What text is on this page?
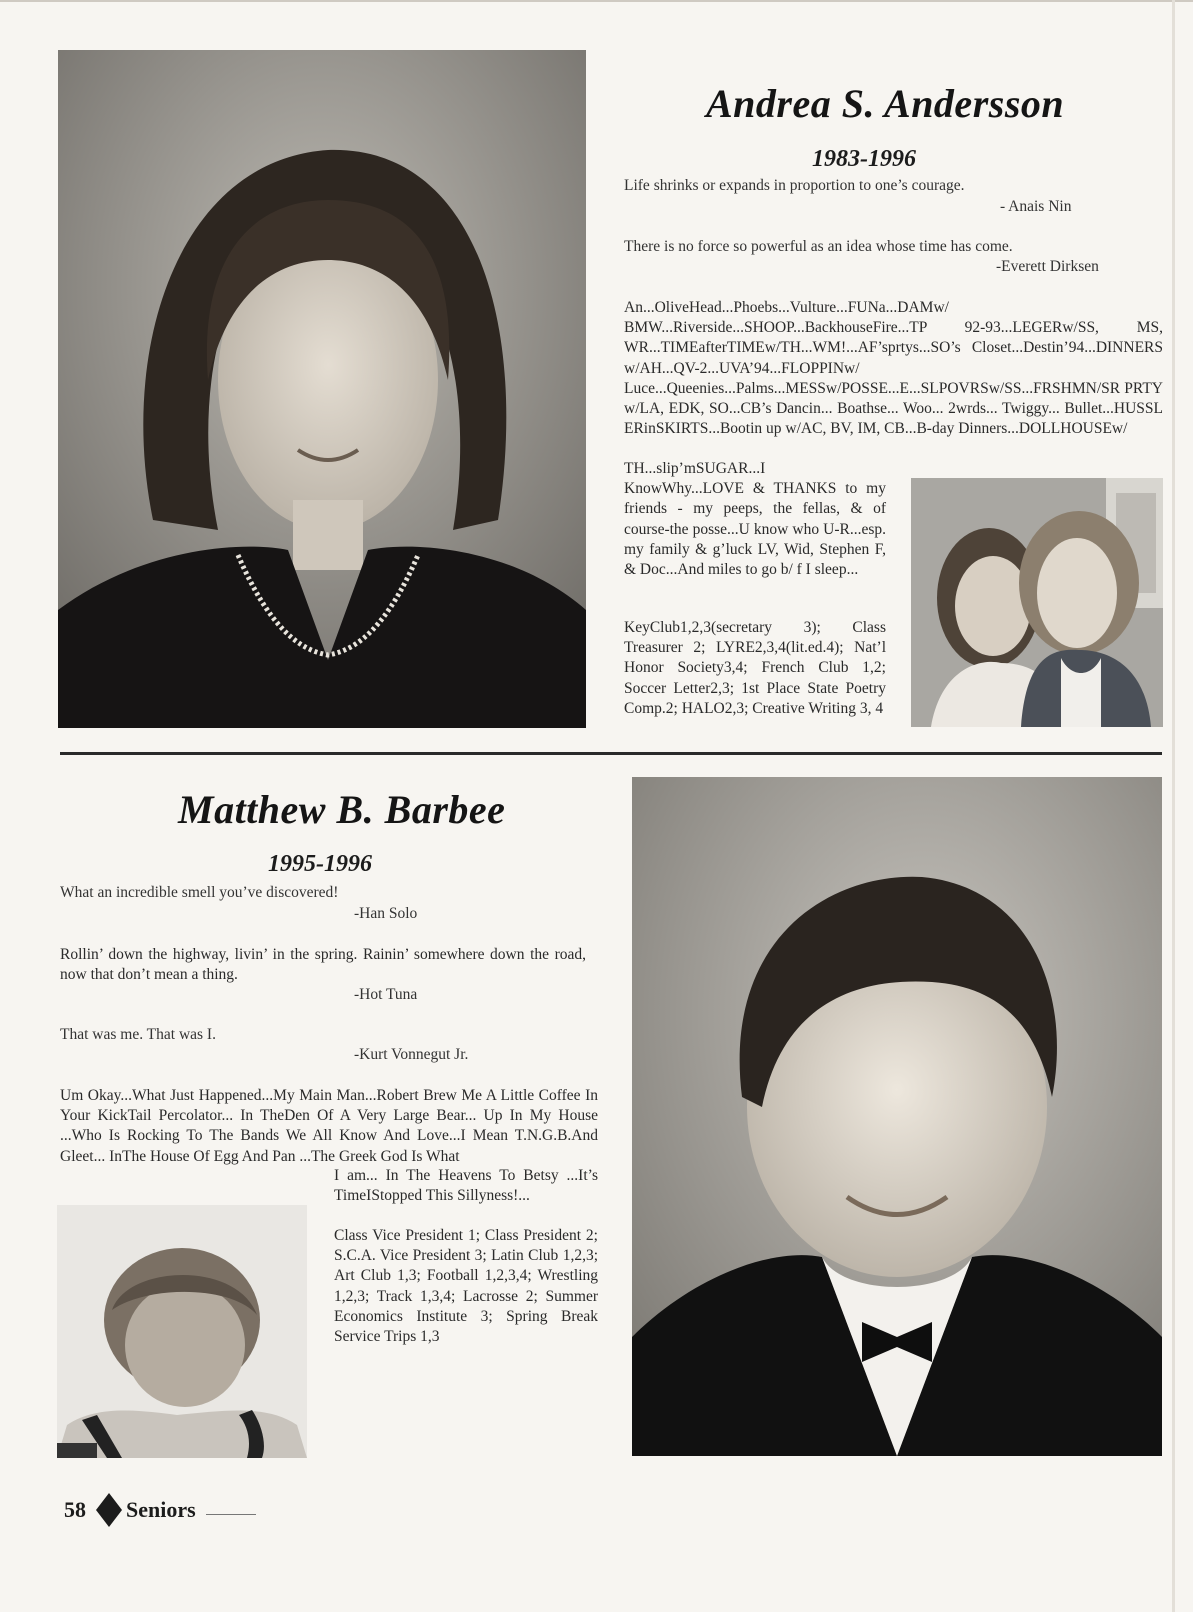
Andrea S. Andersson
1983-1996
Life shrinks or expands in proportion to one’s courage.
- Anais Nin
There is no force so powerful as an idea whose time has come.
-Everett Dirksen
An...OliveHead...Phoebs...Vulture...FUNa...DAMw/ BMW...Riverside...SHOOP...BackhouseFire...TP 92-93...LEGERw/SS, MS, WR...TIMEafterTIMEw/TH...WM!...AF’sprtys...SO’s Closet...Destin’94...DINNERS w/AH...QV-2...UVA’94...FLOPPINw/ Luce...Queenies...Palms...MESSw/POSSE...E...SLPOVRSw/SS...FRSHMN/SR PRTY w/LA, EDK, SO...CB’s Dancin... Boathse... Woo... 2wrds... Twiggy... Bullet...HUSSL ERinSKIRTS...Bootin up w/AC, BV, IM, CB...B-day Dinners...DOLLHOUSEw/
TH...slip’mSUGAR...I KnowWhy...LOVE & THANKS to my friends - my peeps, the fellas, & of course-the posse...U know who U-R...esp. my family & g’luck LV, Wid, Stephen F, & Doc...And miles to go b/ f I sleep...
KeyClub1,2,3(secretary 3); Class Treasurer 2; LYRE2,3,4(lit.ed.4); Nat’l Honor Society3,4; French Club 1,2; Soccer Letter2,3; 1st Place State Poetry Comp.2; HALO2,3; Creative Writing 3, 4
Matthew B. Barbee
1995-1996
What an incredible smell you’ve discovered!
-Han Solo
Rollin’ down the highway, livin’ in the spring. Rainin’ somewhere down the road, now that don’t mean a thing.
-Hot Tuna
That was me. That was I.
-Kurt Vonnegut Jr.
Um Okay...What Just Happened...My Main Man...Robert Brew Me A Little Coffee In Your KickTail Percolator... In TheDen Of A Very Large Bear... Up In My House ...Who Is Rocking To The Bands We All Know And Love...I Mean T.N.G.B.And Gleet... InThe House Of Egg And Pan ...The Greek God Is What
I am... In The Heavens To Betsy ...It’s TimeIStopped This Sillyness!...
Class Vice President 1; Class President 2; S.C.A. Vice President 3; Latin Club 1,2,3; Art Club 1,3; Football 1,2,3,4; Wrestling 1,2,3; Track 1,3,4; Lacrosse 2; Summer Economics Institute 3; Spring Break Service Trips 1,3
58 Seniors
